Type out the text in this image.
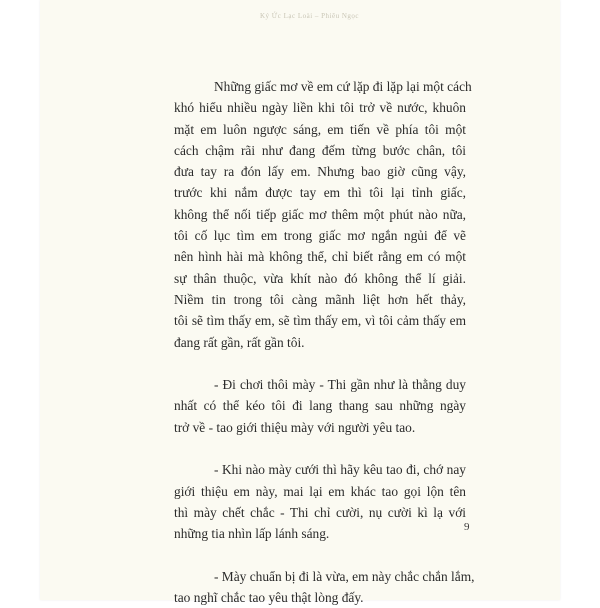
Ký Ức Lạc Loài – Phiêu Ngọc
Những giấc mơ về em cứ lặp đi lặp lại một cách
khó hiểu nhiều ngày liền khi tôi trở về nước, khuôn
mặt em luôn ngược sáng, em tiến về phía tôi một
cách chậm rãi như đang đếm từng bước chân, tôi
đưa tay ra đón lấy em. Nhưng bao giờ cũng vậy,
trước khi nắm được tay em thì tôi lại tỉnh giấc,
không thể nối tiếp giấc mơ thêm một phút nào nữa,
tôi cố lục tìm em trong giấc mơ ngắn ngủi để vẽ
nên hình hài mà không thể, chỉ biết rằng em có một
sự thân thuộc, vừa khít nào đó không thể lí giải.
Niềm tin trong tôi càng mãnh liệt hơn hết thảy,
tôi sẽ tìm thấy em, sẽ tìm thấy em, vì tôi cảm thấy em
đang rất gần, rất gần tôi.
- Đi chơi thôi mày - Thi gần như là thằng duy
nhất có thể kéo tôi đi lang thang sau những ngày
trở về - tao giới thiệu mày với người yêu tao.
- Khi nào mày cưới thì hãy kêu tao đi, chớ nay
giới thiệu em này, mai lại em khác tao gọi lộn tên
thì mày chết chắc - Thi chỉ cười, nụ cười kì lạ với
những tia nhìn lấp lánh sáng.
- Mày chuẩn bị đi là vừa, em này chắc chắn lắm,
tao nghĩ chắc tao yêu thật lòng đấy.
9
